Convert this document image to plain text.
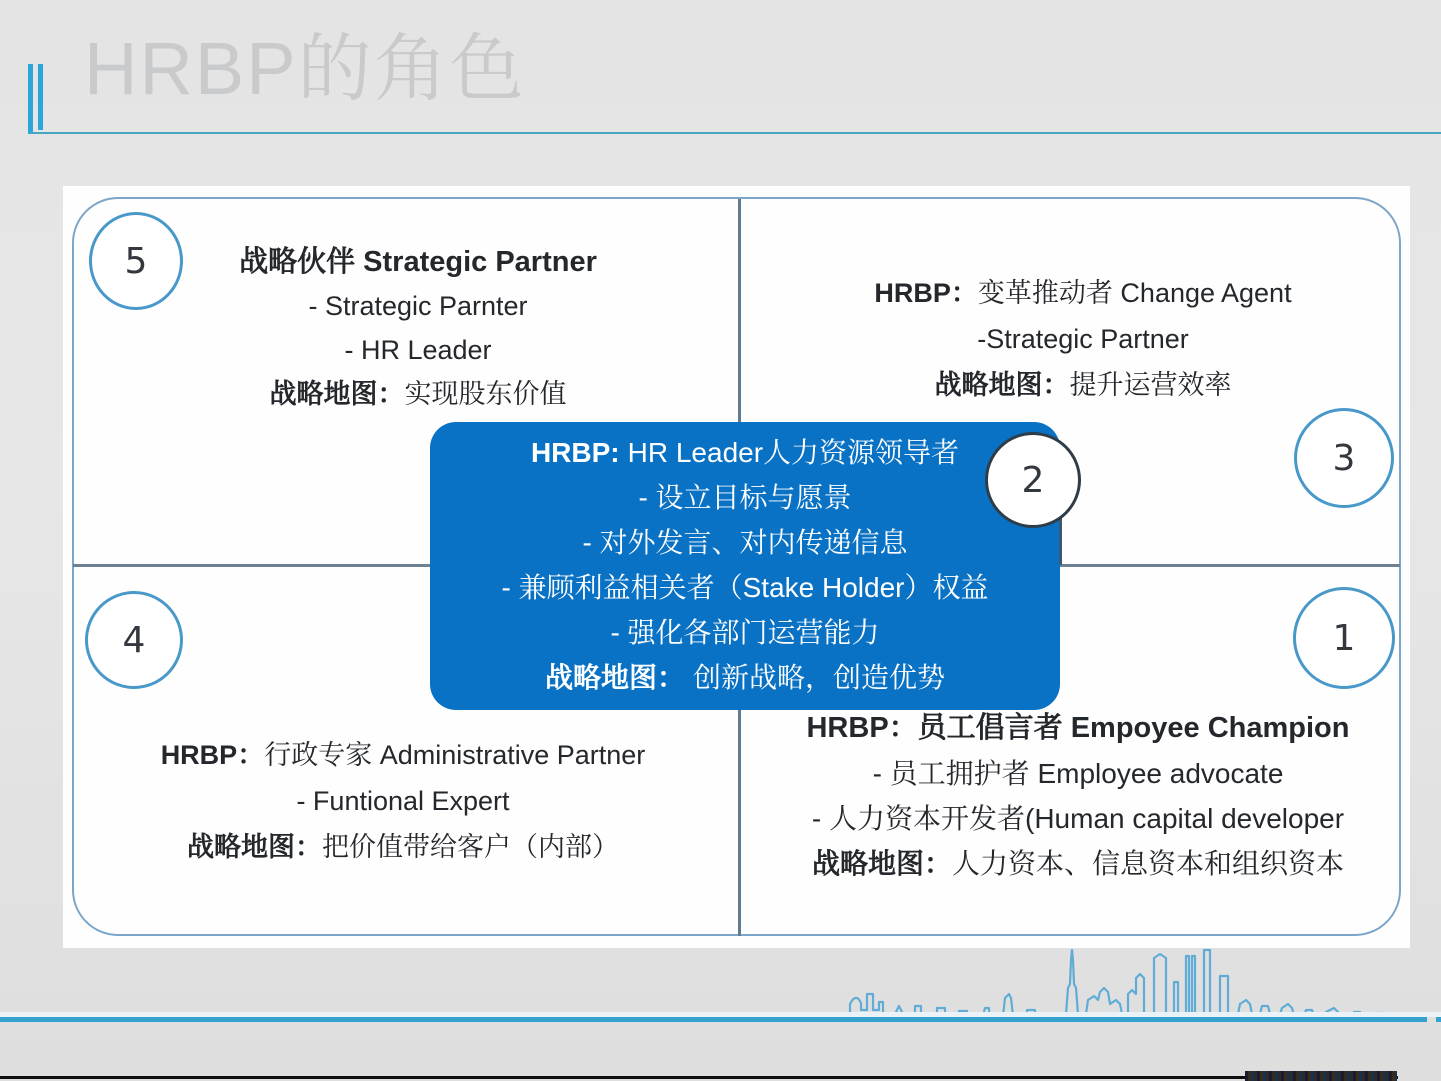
HRBP的角色
5
3
4	1

战略伙伴 Strategic Partner

- Strategic Parnter

- HR Leader

战略地图：实现股东价值

HRBP：变革推动者 Change Agent

-Strategic Partner

战略地图：提升运营效率

HRBP：行政专家 Administrative Partner

- Funtional Expert

战略地图：把价值带给客户（内部）

HRBP：员工倡言者 Empoyee Champion

- 员工拥护者 Employee advocate

- 人力资本开发者(Human capital developer

战略地图：人力资本、信息资本和组织资本

HRBP: HR Leader人力资源领导者

- 设立目标与愿景

- 对外发言、对内传递信息

- 兼顾利益相关者（Stake Holder）权益

- 强化各部门运营能力

战略地图： 创新战略，创造优势

2
